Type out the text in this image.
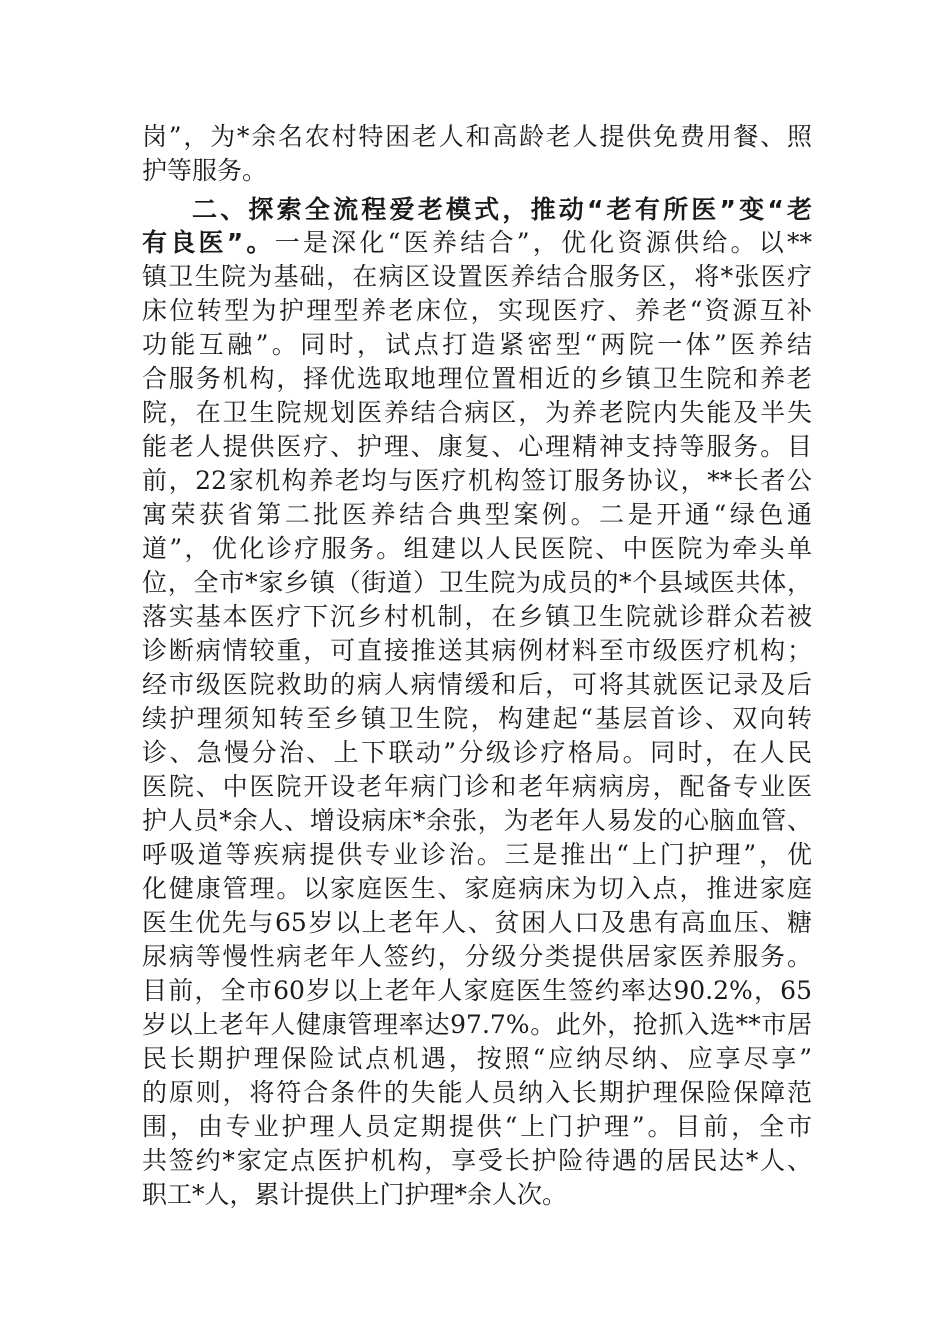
岗”，为*余名农村特困老人和高龄老人提供免费用餐、照
护等服务。
二、探索全流程爱老模式，推动“老有所医”变“老
有良医”。一是深化“医养结合”，优化资源供给。以**
镇卫生院为基础，在病区设置医养结合服务区，将*张医疗
床位转型为护理型养老床位，实现医疗、养老“资源互补
功能互融”。同时，试点打造紧密型“两院一体”医养结
合服务机构，择优选取地理位置相近的乡镇卫生院和养老
院，在卫生院规划医养结合病区，为养老院内失能及半失
能老人提供医疗、护理、康复、心理精神支持等服务。目
前，22家机构养老均与医疗机构签订服务协议，**长者公
寓荣获省第二批医养结合典型案例。二是开通“绿色通
道”，优化诊疗服务。组建以人民医院、中医院为牵头单
位，全市*家乡镇（街道）卫生院为成员的*个县域医共体，
落实基本医疗下沉乡村机制，在乡镇卫生院就诊群众若被
诊断病情较重，可直接推送其病例材料至市级医疗机构；
经市级医院救助的病人病情缓和后，可将其就医记录及后
续护理须知转至乡镇卫生院，构建起“基层首诊、双向转
诊、急慢分治、上下联动”分级诊疗格局。同时，在人民
医院、中医院开设老年病门诊和老年病病房，配备专业医
护人员*余人、增设病床*余张，为老年人易发的心脑血管、
呼吸道等疾病提供专业诊治。三是推出“上门护理”，优
化健康管理。以家庭医生、家庭病床为切入点，推进家庭
医生优先与65岁以上老年人、贫困人口及患有高血压、糖
尿病等慢性病老年人签约，分级分类提供居家医养服务。
目前，全市60岁以上老年人家庭医生签约率达90.2%，65
岁以上老年人健康管理率达97.7%。此外，抢抓入选**市居
民长期护理保险试点机遇，按照“应纳尽纳、应享尽享”
的原则，将符合条件的失能人员纳入长期护理保险保障范
围，由专业护理人员定期提供“上门护理”。目前，全市
共签约*家定点医护机构，享受长护险待遇的居民达*人、
职工*人，累计提供上门护理*余人次。
